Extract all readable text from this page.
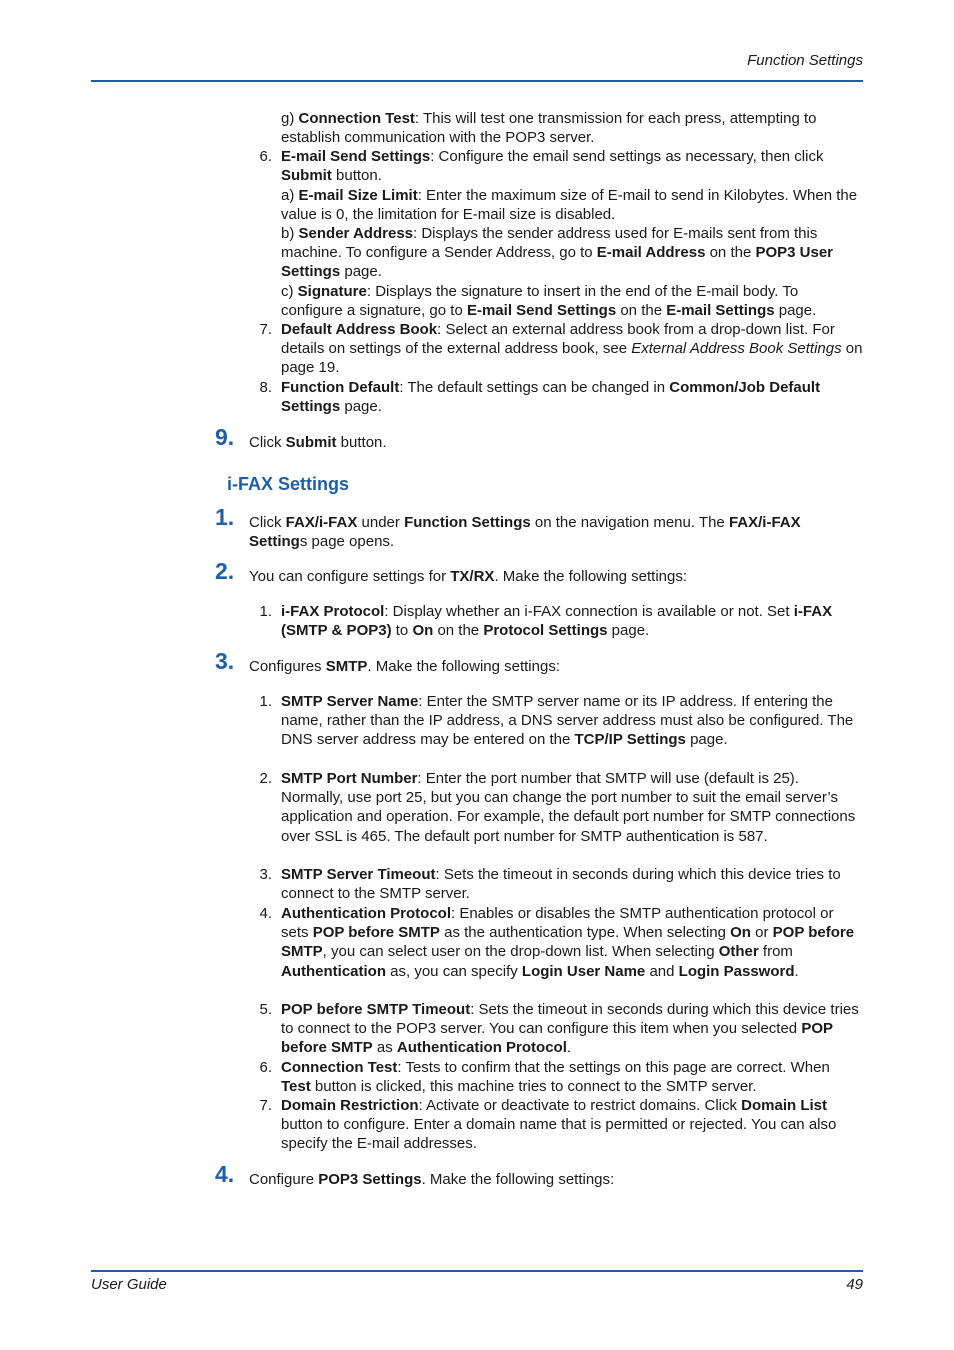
Function Settings
g) Connection Test: This will test one transmission for each press, attempting to establish communication with the POP3 server.
6. E-mail Send Settings: Configure the email send settings as necessary, then click Submit button.
a) E-mail Size Limit: Enter the maximum size of E-mail to send in Kilobytes. When the value is 0, the limitation for E-mail size is disabled.
b) Sender Address: Displays the sender address used for E-mails sent from this machine. To configure a Sender Address, go to E-mail Address on the POP3 User Settings page.
c) Signature: Displays the signature to insert in the end of the E-mail body. To configure a signature, go to E-mail Send Settings on the E-mail Settings page.
7. Default Address Book: Select an external address book from a drop-down list. For details on settings of the external address book, see External Address Book Settings on page 19.
8. Function Default: The default settings can be changed in Common/Job Default Settings page.
9. Click Submit button.
i-FAX Settings
1. Click FAX/i-FAX under Function Settings on the navigation menu. The FAX/i-FAX Settings page opens.
2. You can configure settings for TX/RX. Make the following settings:
1. i-FAX Protocol: Display whether an i-FAX connection is available or not. Set i-FAX (SMTP & POP3) to On on the Protocol Settings page.
3. Configures SMTP. Make the following settings:
1. SMTP Server Name: Enter the SMTP server name or its IP address. If entering the name, rather than the IP address, a DNS server address must also be configured. The DNS server address may be entered on the TCP/IP Settings page.
2. SMTP Port Number: Enter the port number that SMTP will use (default is 25). Normally, use port 25, but you can change the port number to suit the email server’s application and operation. For example, the default port number for SMTP connections over SSL is 465. The default port number for SMTP authentication is 587.
3. SMTP Server Timeout: Sets the timeout in seconds during which this device tries to connect to the SMTP server.
4. Authentication Protocol: Enables or disables the SMTP authentication protocol or sets POP before SMTP as the authentication type. When selecting On or POP before SMTP, you can select user on the drop-down list. When selecting Other from Authentication as, you can specify Login User Name and Login Password.
5. POP before SMTP Timeout: Sets the timeout in seconds during which this device tries to connect to the POP3 server. You can configure this item when you selected POP before SMTP as Authentication Protocol.
6. Connection Test: Tests to confirm that the settings on this page are correct. When Test button is clicked, this machine tries to connect to the SMTP server.
7. Domain Restriction: Activate or deactivate to restrict domains. Click Domain List button to configure. Enter a domain name that is permitted or rejected. You can also specify the E-mail addresses.
4. Configure POP3 Settings. Make the following settings:
User Guide	49
